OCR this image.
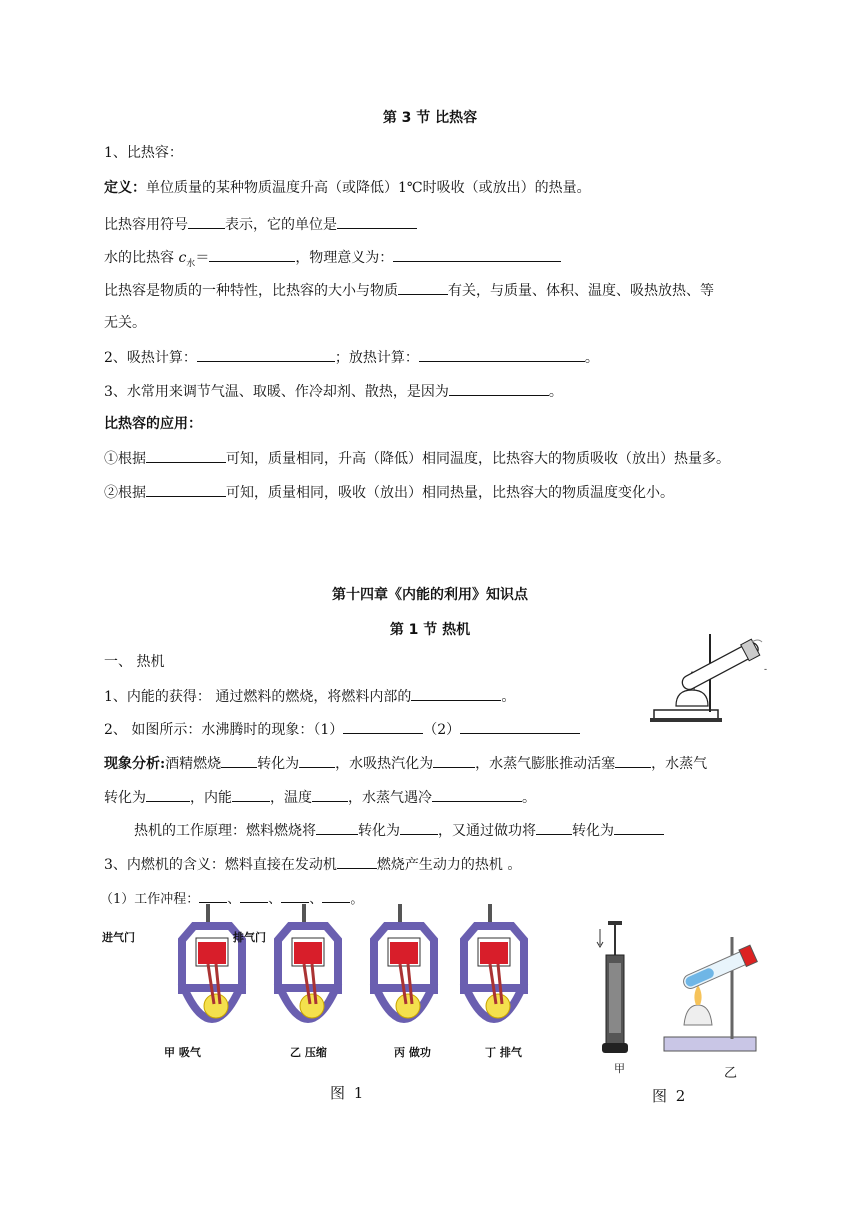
第 3 节 比热容
1、比热容：
定义：单位质量的某种物质温度升高（或降低）1℃时吸收（或放出）的热量。
比热容用符号	表示，它的单位是
水的比热容 $c_水=$	，物理意义为：
比热容是物质的一种特性，比热容的大小与物质	有关，与质量、体积、温度、吸热放热、等
无关。
2、吸热计算：	；放热计算：	。
3、水常用来调节气温、取暖、作冷却剂、散热，是因为	。
比热容的应用：
①根据	可知，质量相同，升高（降低）相同温度，比热容大的物质吸收（放出）热量多。
②根据	可知，质量相同，吸收（放出）相同热量，比热容大的物质温度变化小。
第十四章《内能的利用》知识点
第 1 节 热机
一、 热机
1、内能的获得： 通过燃料的燃烧，将燃料内部的	。
2、 如图所示：水沸腾时的现象：（1）	（2）
现象分析:酒精燃烧	转化为	，水吸热汽化为	，水蒸气膨胀推动活塞	，水蒸气
转化为	，内能	，温度	，水蒸气遇冷	。
热机的工作原理：燃料燃烧将	转化为	，又通过做功将	转化为
3、内燃机的含义：燃料直接在发动机	燃烧产生动力的热机 。
（1）工作冲程： 、 、 、 。
-
进气门	排气门
甲 吸气	乙 压缩	丙 做功	丁 排气
图 1
甲	乙
图 2
